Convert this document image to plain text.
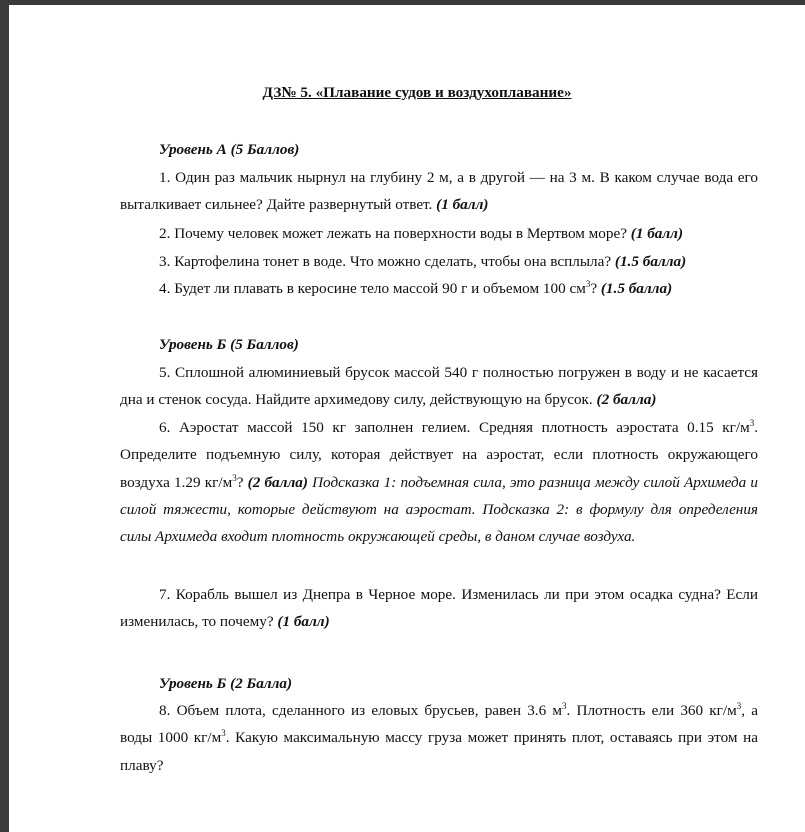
ДЗ№ 5. «Плавание судов и воздухоплавание»
Уровень А (5 Баллов)
1. Один раз мальчик нырнул на глубину 2 м, а в другой — на 3 м. В каком случае вода его выталкивает сильнее? Дайте развернутый ответ. (1 балл)
2. Почему человек может лежать на поверхности воды в Мертвом море? (1 балл)
3. Картофелина тонет в воде. Что можно сделать, чтобы она всплыла? (1.5 балла)
4. Будет ли плавать в керосине тело массой 90 г и объемом 100 $см^3$? (1.5 балла)
Уровень Б (5 Баллов)
5. Сплошной алюминиевый брусок массой 540 г полностью погружен в воду и не касается дна и стенок сосуда. Найдите архимедову силу, действующую на брусок. (2 балла)
6. Аэростат массой 150 кг заполнен гелием. Средняя плотность аэростата 0.15 $кг/м^3$. Определите подъемную силу, которая действует на аэростат, если плотность окружающего воздуха 1.29 $кг/м^3$? (2 балла) Подсказка 1: подъемная сила, это разница между силой Архимеда и силой тяжести, которые действуют на аэростат. Подсказка 2: в формулу для определения силы Архимеда входит плотность окружающей среды, в даном случае воздуха.
7. Корабль вышел из Днепра в Черное море. Изменилась ли при этом осадка судна? Если изменилась, то почему? (1 балл)
Уровень Б (2 Балла)
8. Объем плота, сделанного из еловых брусьев, равен 3.6 $м^3$. Плотность ели 360 $кг/м^3$, а воды 1000 $кг/м^3$. Какую максимальную массу груза может принять плот, оставаясь при этом на плаву?
